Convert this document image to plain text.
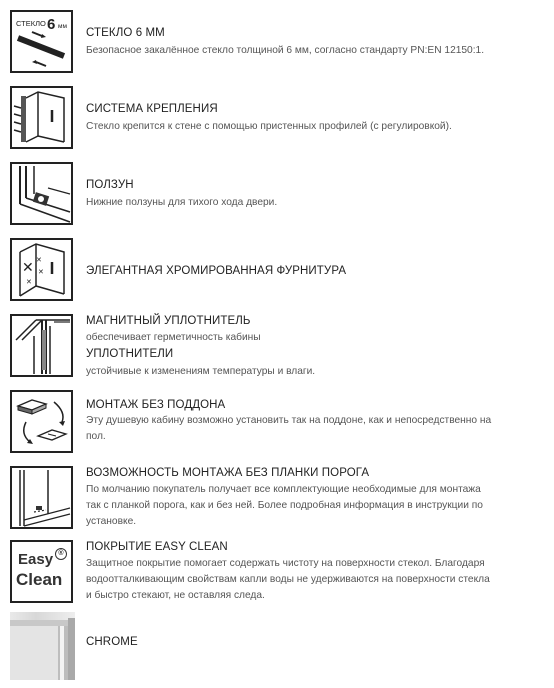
СТЕКЛО 6 мм
СТЕКЛО 6 ММ
Безопасное закалённое стекло толщиной 6 мм, согласно стандарту PN:EN 12150:1.
СИСТЕМА КРЕПЛЕНИЯ
Стекло крепится к стене с помощью пристенных профилей (с регулировкой).
ПОЛЗУН
Нижние ползуны для тихого хода двери.
✕ ✕
✕
✕
ЭЛЕГАНТНАЯ ХРОМИРОВАННАЯ ФУРНИТУРА
МАГНИТНЫЙ УПЛОТНИТЕЛЬ
обеспечивает герметичность кабины
УПЛОТНИТЕЛИ
устойчивые к изменениям температуры и влаги.
МОНТАЖ БЕЗ ПОДДОНА
Эту душевую кабину возможно установить так на поддоне, как и непосредственно на
пол.
ВОЗМОЖНОСТЬ МОНТАЖА БЕЗ ПЛАНКИ ПОРОГА
По молчанию покупатель получает все комплектующие необходимые для монтажа
так с планкой порога, как и без ней. Более подробная информация в инструкции по
установке.
Easy ®
Clean
ПОКРЫТИЕ EASY CLEAN
Защитное покрытие помогает содержать чистоту на поверхности стекол. Благодаря
водоотталкивающим свойствам капли воды не удерживаются на поверхности стекла
и быстро стекают, не оставляя следа.
CHROME
